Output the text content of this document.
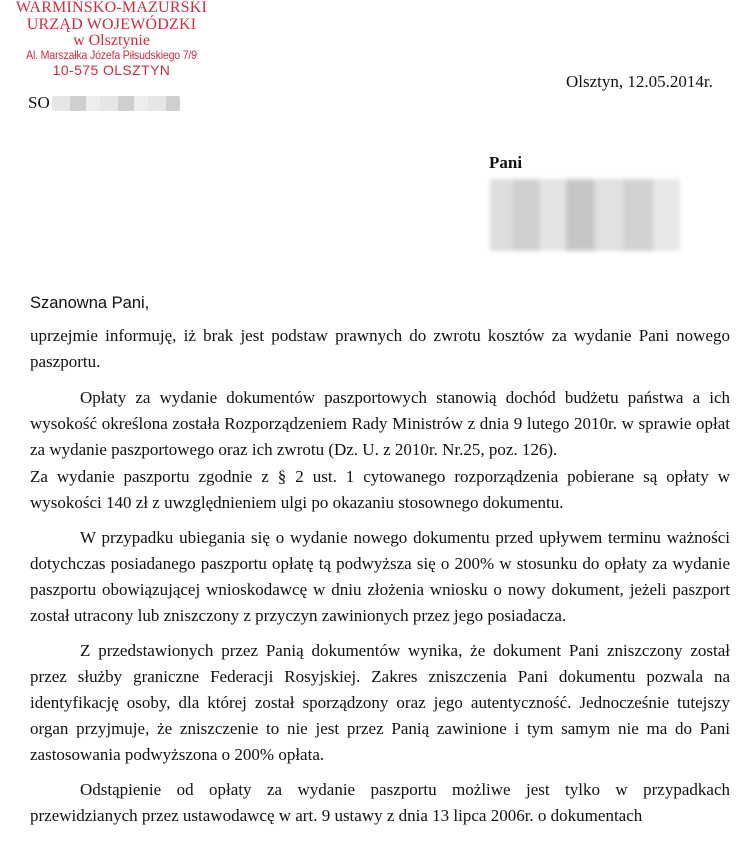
WARMIŃSKO-MAZURSKI
URZĄD WOJEWÓDZKI
w Olsztynie
Al. Marszałka Józefa Piłsudskiego 7/9
10-575 OLSZTYN
Olsztyn, 12.05.2014r.
SO
Pani

Szanowna Pani,

uprzejmie informuję, iż brak jest podstaw prawnych do zwrotu kosztów za wydanie Pani nowego paszportu.

Opłaty za wydanie dokumentów paszportowych stanowią dochód budżetu państwa a ich wysokość określona została Rozporządzeniem Rady Ministrów z dnia 9 lutego 2010r. w sprawie opłat za wydanie paszportowego oraz ich zwrotu (Dz. U. z 2010r. Nr.25, poz. 126).

Za wydanie paszportu zgodnie z § 2 ust. 1 cytowanego rozporządzenia pobierane są opłaty w wysokości 140 zł z uwzględnieniem ulgi po okazaniu stosownego dokumentu.

W przypadku ubiegania się o wydanie nowego dokumentu przed upływem terminu ważności dotychczas posiadanego paszportu opłatę tą podwyższa się o 200% w stosunku do opłaty za wydanie paszportu obowiązującej wnioskodawcę w dniu złożenia wniosku o nowy dokument, jeżeli paszport został utracony lub zniszczony z przyczyn zawinionych przez jego posiadacza.

Z przedstawionych przez Panią dokumentów wynika, że dokument Pani zniszczony został przez służby graniczne Federacji Rosyjskiej. Zakres zniszczenia Pani dokumentu pozwala na identyfikację osoby, dla której został sporządzony oraz jego autentyczność. Jednocześnie tutejszy organ przyjmuje, że zniszczenie to nie jest przez Panią zawinione i tym samym nie ma do Pani zastosowania podwyższona o 200% opłata.

Odstąpienie od opłaty za wydanie paszportu możliwe jest tylko w przypadkach przewidzianych przez ustawodawcę w art. 9 ustawy z dnia 13 lipca 2006r. o dokumentach
